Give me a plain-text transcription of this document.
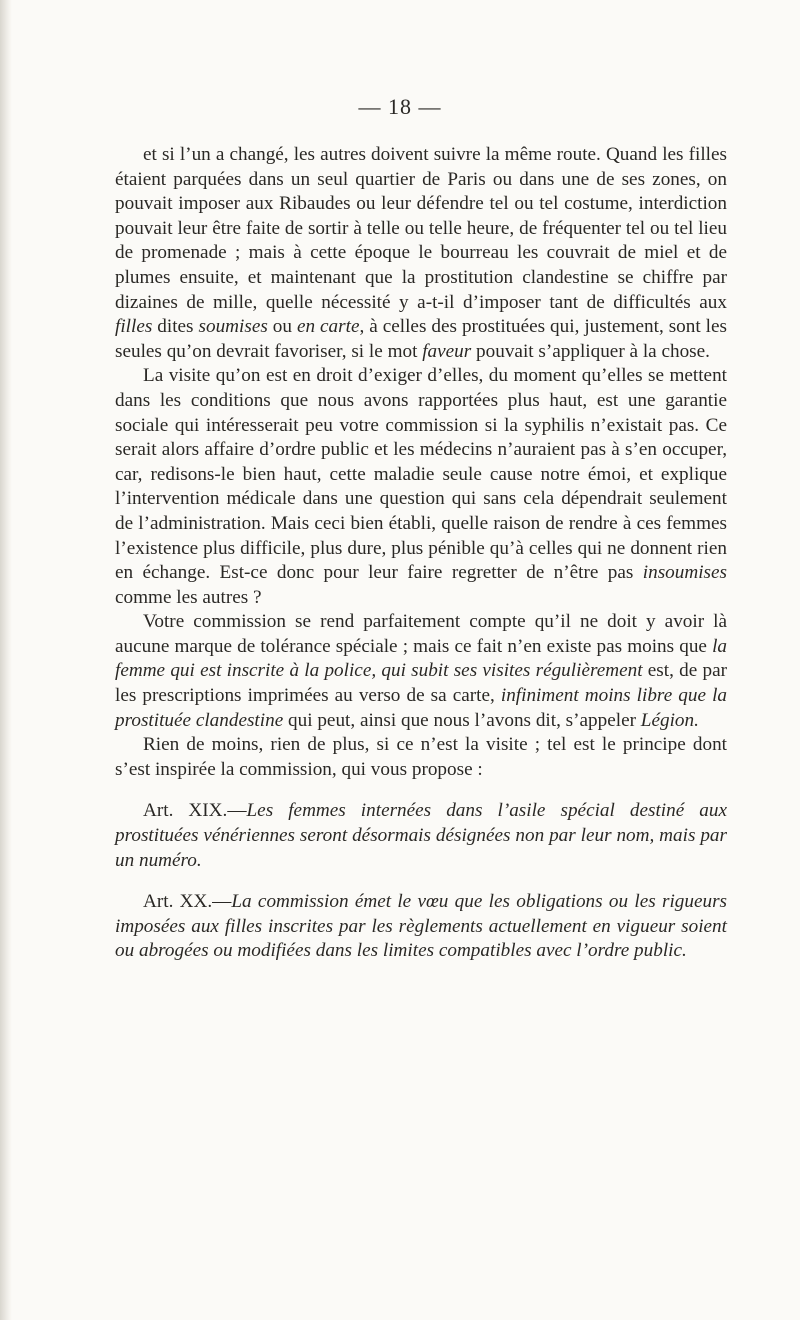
— 18 —

et si l’un a changé, les autres doivent suivre la même route. Quand les filles étaient parquées dans un seul quartier de Paris ou dans une de ses zones, on pouvait imposer aux Ribaudes ou leur défendre tel ou tel costume, interdiction pouvait leur être faite de sortir à telle ou telle heure, de fréquenter tel ou tel lieu de promenade ; mais à cette époque le bourreau les couvrait de miel et de plumes ensuite, et maintenant que la prostitution clandestine se chiffre par dizaines de mille, quelle nécessité y a-t-il d’imposer tant de difficultés aux filles dites soumises ou en carte, à celles des prostituées qui, justement, sont les seules qu’on devrait favoriser, si le mot faveur pouvait s’appliquer à la chose.

La visite qu’on est en droit d’exiger d’elles, du moment qu’elles se mettent dans les conditions que nous avons rapportées plus haut, est une garantie sociale qui intéresserait peu votre commission si la syphilis n’existait pas. Ce serait alors affaire d’ordre public et les médecins n’auraient pas à s’en occuper, car, redisons-le bien haut, cette maladie seule cause notre émoi, et explique l’intervention médicale dans une question qui sans cela dépendrait seulement de l’administration. Mais ceci bien établi, quelle raison de rendre à ces femmes l’existence plus difficile, plus dure, plus pénible qu’à celles qui ne donnent rien en échange. Est-ce donc pour leur faire regretter de n’être pas insoumises comme les autres ?

Votre commission se rend parfaitement compte qu’il ne doit y avoir là aucune marque de tolérance spéciale ; mais ce fait n’en existe pas moins que la femme qui est inscrite à la police, qui subit ses visites régulièrement est, de par les prescriptions imprimées au verso de sa carte, infiniment moins libre que la prostituée clandestine qui peut, ainsi que nous l’avons dit, s’appeler Légion.

Rien de moins, rien de plus, si ce n’est la visite ; tel est le principe dont s’est inspirée la commission, qui vous propose :

Art. XIX.—Les femmes internées dans l’asile spécial destiné aux prostituées vénériennes seront désormais désignées non par leur nom, mais par un numéro.

Art. XX.—La commission émet le vœu que les obligations ou les rigueurs imposées aux filles inscrites par les règlements actuellement en vigueur soient ou abrogées ou modifiées dans les limites compatibles avec l’ordre public.
